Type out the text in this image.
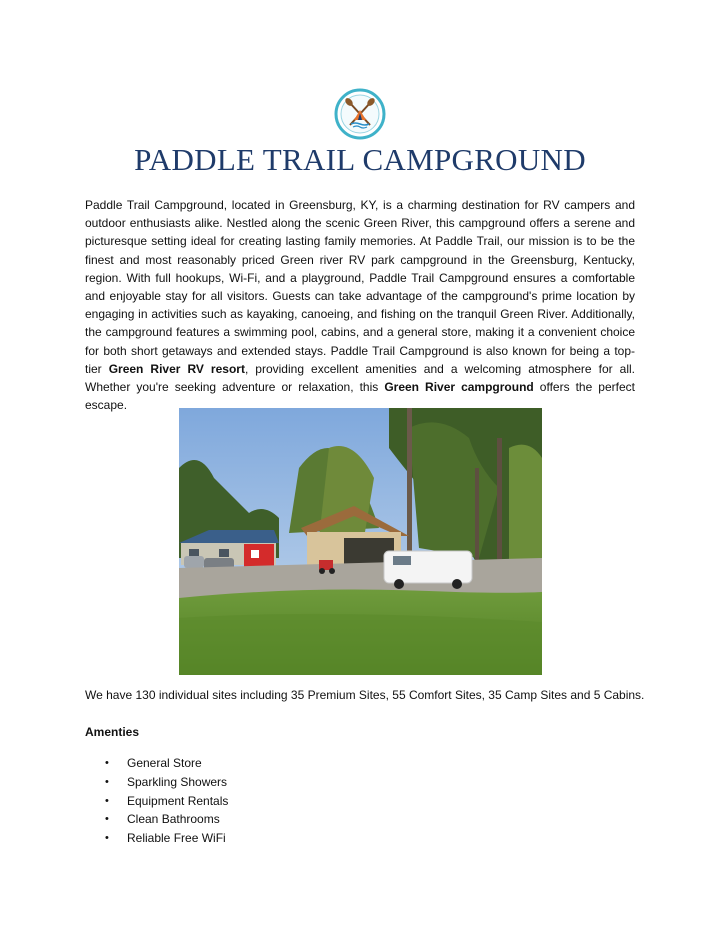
PADDLE TRAIL CAMPGROUND

Paddle Trail Campground, located in Greensburg, KY, is a charming destination for RV campers and outdoor enthusiasts alike. Nestled along the scenic Green River, this campground offers a serene and picturesque setting ideal for creating lasting family memories. At Paddle Trail, our mission is to be the finest and most reasonably priced Green river RV park campground in the Greensburg, Kentucky, region. With full hookups, Wi-Fi, and a playground, Paddle Trail Campground ensures a comfortable and enjoyable stay for all visitors. Guests can take advantage of the campground's prime location by engaging in activities such as kayaking, canoeing, and fishing on the tranquil Green River. Additionally, the campground features a swimming pool, cabins, and a general store, making it a convenient choice for both short getaways and extended stays. Paddle Trail Campground is also known for being a top-tier Green River RV resort, providing excellent amenities and a welcoming atmosphere for all. Whether you're seeking adventure or relaxation, this Green River campground offers the perfect escape.

We have 130 individual sites including 35 Premium Sites, 55 Comfort Sites, 35 Camp Sites and 5 Cabins.

Amenties

• General Store
• Sparkling Showers
• Equipment Rentals
• Clean Bathrooms
• Reliable Free WiFi
